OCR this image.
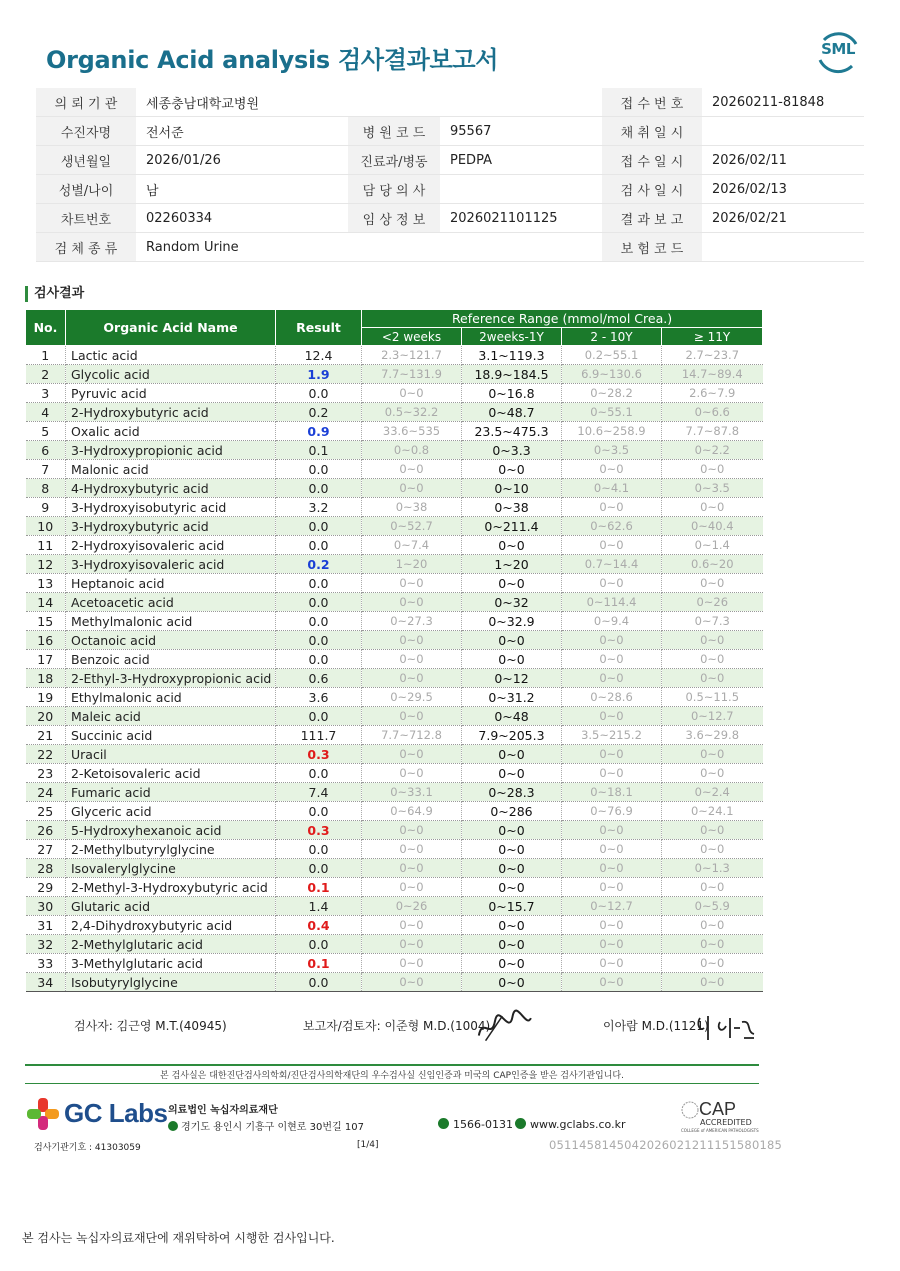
Organic Acid analysis 검사결과보고서	SML
의 뢰 기 관	세종충남대학교병원			접 수 번 호	20260211-81848
수진자명	전서준	병 원 코 드	95567	채 취 일 시	
생년월일	2026/01/26	진료과/병동	PEDPA	접 수 일 시	2026/02/11
성별/나이	남	담 당 의 사		검 사 일 시	2026/02/13
차트번호	02260334	임 상 정 보	2026021101125	결 과 보 고	2026/02/21
검 체 종 류	Random Urine			보 험 코 드	
검사결과
No.	Organic Acid Name	Result	Reference Range (mmol/mol Crea.)			
			<2 weeks	2weeks-1Y	2 - 10Y	≥ 11Y
1	Lactic acid	12.4	2.3~121.7	3.1~119.3	0.2~55.1	2.7~23.7
2	Glycolic acid	1.9	7.7~131.9	18.9~184.5	6.9~130.6	14.7~89.4
3	Pyruvic acid	0.0	0~0	0~16.8	0~28.2	2.6~7.9
4	2-Hydroxybutyric acid	0.2	0.5~32.2	0~48.7	0~55.1	0~6.6
5	Oxalic acid	0.9	33.6~535	23.5~475.3	10.6~258.9	7.7~87.8
6	3-Hydroxypropionic acid	0.1	0~0.8	0~3.3	0~3.5	0~2.2
7	Malonic acid	0.0	0~0	0~0	0~0	0~0
8	4-Hydroxybutyric acid	0.0	0~0	0~10	0~4.1	0~3.5
9	3-Hydroxyisobutyric acid	3.2	0~38	0~38	0~0	0~0
10	3-Hydroxybutyric acid	0.0	0~52.7	0~211.4	0~62.6	0~40.4
11	2-Hydroxyisovaleric acid	0.0	0~7.4	0~0	0~0	0~1.4
12	3-Hydroxyisovaleric acid	0.2	1~20	1~20	0.7~14.4	0.6~20
13	Heptanoic acid	0.0	0~0	0~0	0~0	0~0
14	Acetoacetic acid	0.0	0~0	0~32	0~114.4	0~26
15	Methylmalonic acid	0.0	0~27.3	0~32.9	0~9.4	0~7.3
16	Octanoic acid	0.0	0~0	0~0	0~0	0~0
17	Benzoic acid	0.0	0~0	0~0	0~0	0~0
18	2-Ethyl-3-Hydroxypropionic acid	0.6	0~0	0~12	0~0	0~0
19	Ethylmalonic acid	3.6	0~29.5	0~31.2	0~28.6	0.5~11.5
20	Maleic acid	0.0	0~0	0~48	0~0	0~12.7
21	Succinic acid	111.7	7.7~712.8	7.9~205.3	3.5~215.2	3.6~29.8
22	Uracil	0.3	0~0	0~0	0~0	0~0
23	2-Ketoisovaleric acid	0.0	0~0	0~0	0~0	0~0
24	Fumaric acid	7.4	0~33.1	0~28.3	0~18.1	0~2.4
25	Glyceric acid	0.0	0~64.9	0~286	0~76.9	0~24.1
26	5-Hydroxyhexanoic acid	0.3	0~0	0~0	0~0	0~0
27	2-Methylbutyrylglycine	0.0	0~0	0~0	0~0	0~0
28	Isovalerylglycine	0.0	0~0	0~0	0~0	0~1.3
29	2-Methyl-3-Hydroxybutyric acid	0.1	0~0	0~0	0~0	0~0
30	Glutaric acid	1.4	0~26	0~15.7	0~12.7	0~5.9
31	2,4-Dihydroxybutyric acid	0.4	0~0	0~0	0~0	0~0
32	2-Methylglutaric acid	0.0	0~0	0~0	0~0	0~0
33	3-Methylglutaric acid	0.1	0~0	0~0	0~0	0~0
34	Isobutyrylglycine	0.0	0~0	0~0	0~0	0~0
검사자: 김근영 M.T.(40945)	보고자/검토자: 이준형 M.D.(1004)	이아람 M.D.(1121)
본 검사실은 대한진단검사의학회/진단검사의학재단의 우수검사실 신임인증과 미국의 CAP인증을 받은 검사기관입니다.
GC Labs 의료법인 녹십자의료재단
경기도 용인시 기흥구 이현로 30번길 107	1566-0131	www.gclabs.co.kr
CAP
ACCREDITED
COLLEGE of AMERICAN PATHOLOGISTS
검사기관기호 : 41303059	[1/4]	05114581450420260212111515801​85
본 검사는 녹십자의료재단에 재위탁하여 시행한 검사입니다.
